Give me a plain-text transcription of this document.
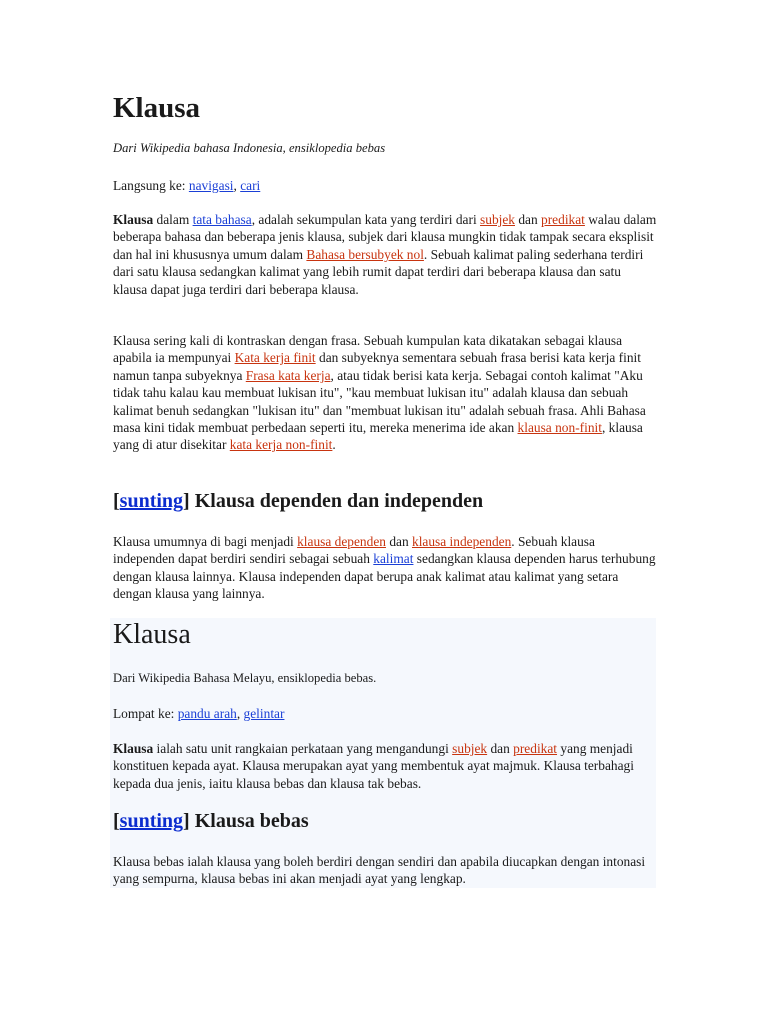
Klausa
Dari Wikipedia bahasa Indonesia, ensiklopedia bebas

Langsung ke: navigasi, cari

Klausa dalam tata bahasa, adalah sekumpulan kata yang terdiri dari subjek dan predikat walau dalam beberapa bahasa dan beberapa jenis klausa, subjek dari klausa mungkin tidak tampak secara eksplisit dan hal ini khususnya umum dalam Bahasa bersubyek nol. Sebuah kalimat paling sederhana terdiri dari satu klausa sedangkan kalimat yang lebih rumit dapat terdiri dari beberapa klausa dan satu klausa dapat juga terdiri dari beberapa klausa.

Klausa sering kali di kontraskan dengan frasa. Sebuah kumpulan kata dikatakan sebagai klausa apabila ia mempunyai Kata kerja finit dan subyeknya sementara sebuah frasa berisi kata kerja finit namun tanpa subyeknya Frasa kata kerja, atau tidak berisi kata kerja. Sebagai contoh kalimat "Aku tidak tahu kalau kau membuat lukisan itu", "kau membuat lukisan itu" adalah klausa dan sebuah kalimat benuh sedangkan "lukisan itu" dan "membuat lukisan itu" adalah sebuah frasa. Ahli Bahasa masa kini tidak membuat perbedaan seperti itu, mereka menerima ide akan klausa non-finit, klausa yang di atur disekitar kata kerja non-finit.

[sunting] Klausa dependen dan independen

Klausa umumnya di bagi menjadi klausa dependen dan klausa independen. Sebuah klausa independen dapat berdiri sendiri sebagai sebuah kalimat sedangkan klausa dependen harus terhubung dengan klausa lainnya. Klausa independen dapat berupa anak kalimat atau kalimat yang setara dengan klausa yang lainnya.

Klausa
Dari Wikipedia Bahasa Melayu, ensiklopedia bebas.

Lompat ke: pandu arah, gelintar

Klausa ialah satu unit rangkaian perkataan yang mengandungi subjek dan predikat yang menjadi konstituen kepada ayat. Klausa merupakan ayat yang membentuk ayat majmuk. Klausa terbahagi kepada dua jenis, iaitu klausa bebas dan klausa tak bebas.

[sunting] Klausa bebas

Klausa bebas ialah klausa yang boleh berdiri dengan sendiri dan apabila diucapkan dengan intonasi yang sempurna, klausa bebas ini akan menjadi ayat yang lengkap.
